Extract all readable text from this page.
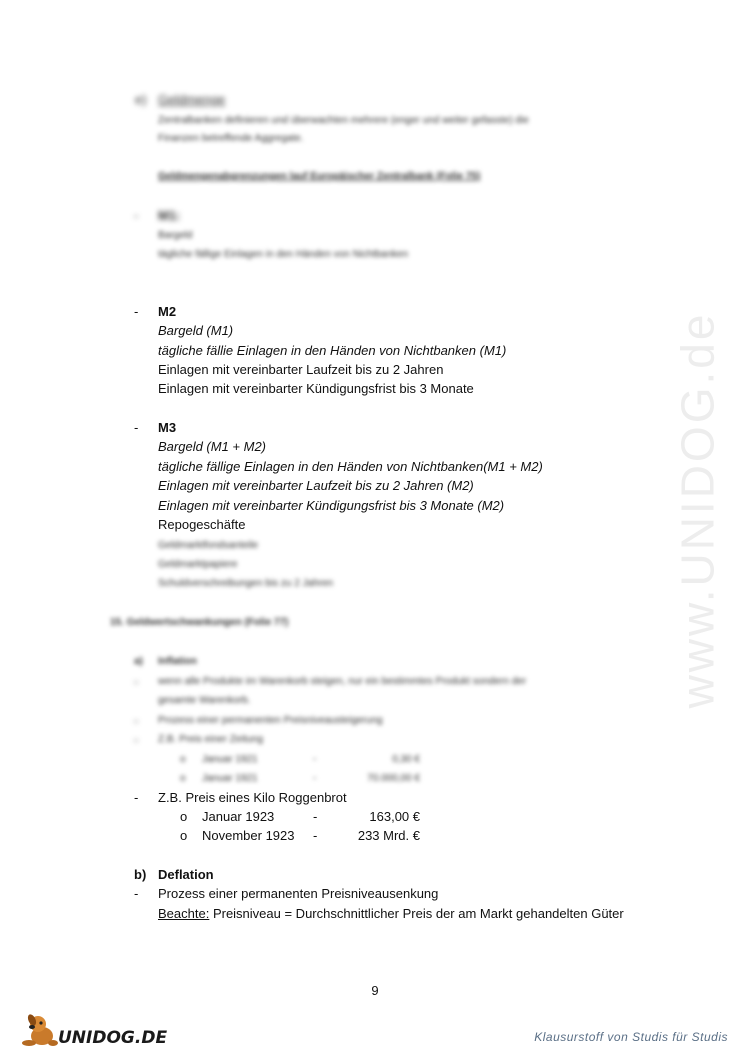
www.UNIDOG.de
e) Geldmenge
Zentralbanken definieren und überwachten mehrere (enger und weiter gefasste) die
Finanzen betreffende Aggregate.
Geldmengenabgrenzungen lauf Europäischer Zentralbank (Folie 75)
- M1:
Bargeld
tägliche fällige Einlagen in den Händen von Nichtbanken
- M2
Bargeld (M1)
tägliche fällie Einlagen in den Händen von Nichtbanken (M1)
Einlagen mit vereinbarter Laufzeit bis zu 2 Jahren
Einlagen mit vereinbarter Kündigungsfrist bis 3 Monate
- M3
Bargeld (M1 + M2)
tägliche fällige Einlagen in den Händen von Nichtbanken(M1 + M2)
Einlagen mit vereinbarter Laufzeit bis zu 2 Jahren (M2)
Einlagen mit vereinbarter Kündigungsfrist bis 3 Monate (M2)
Repogeschäfte
Geldmarktfondsanteile
Geldmarktpapiere
Schuldverschreibungen bis zu 2 Jahren
15. Geldwertschwankungen (Folie 77)
a) Inflation
- wenn alle Produkte im Warenkorb steigen, nur ein bestimmtes Produkt sondern der
gesamte Warenkorb.
- Prozess einer permanenten Preisniveausteigerung
- Z.B. Preis einer Zeitung
o Januar 1921	-	0,30 €
o Januar 1921	-	70.000,00 €
- Z.B. Preis eines Kilo Roggenbrot
o Januar 1923	-	163,00 €
o November 1923 -	233 Mrd. €
b) Deflation
- Prozess einer permanenten Preisniveausenkung
Beachte: Preisniveau = Durchschnittlicher Preis der am Markt gehandelten Güter
9
UNIDOG.DE	Klausurstoff von Studis für Studis
